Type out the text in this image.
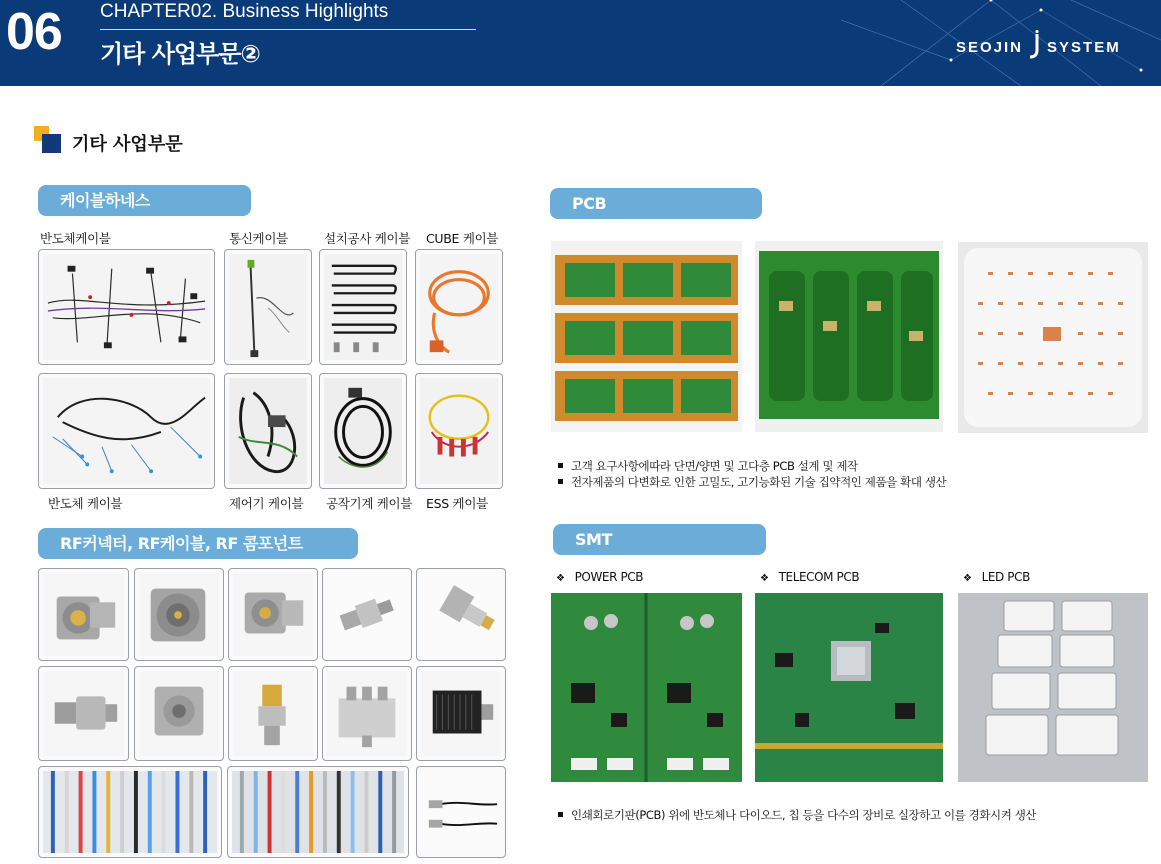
06 CHAPTER02. Business Highlights
기타 사업부문②	SEOJIN SYSTEM
기타 사업부문
케이블하네스
반도체케이블	통신케이블	설치공사 케이블 CUBE 케이블
반도체 케이블	제어기 케이블 공작기계 케이블 ESS 케이블
RF커넥터, RF케이블, RF 콤포넌트
PCB
고객 요구사항에따라 단면/양면 및 고다층 PCB 설계 및 제작
전자제품의 다변화로 인한 고밀도, 고기능화된 기술 집약적인 제품을 확대 생산
SMT
❖ POWER PCB	❖ TELECOM PCB	❖ LED PCB
인쇄회로기판(PCB) 위에 반도체나 다이오드, 칩 등을 다수의 장비로 실장하고 이를 경화시켜 생산
